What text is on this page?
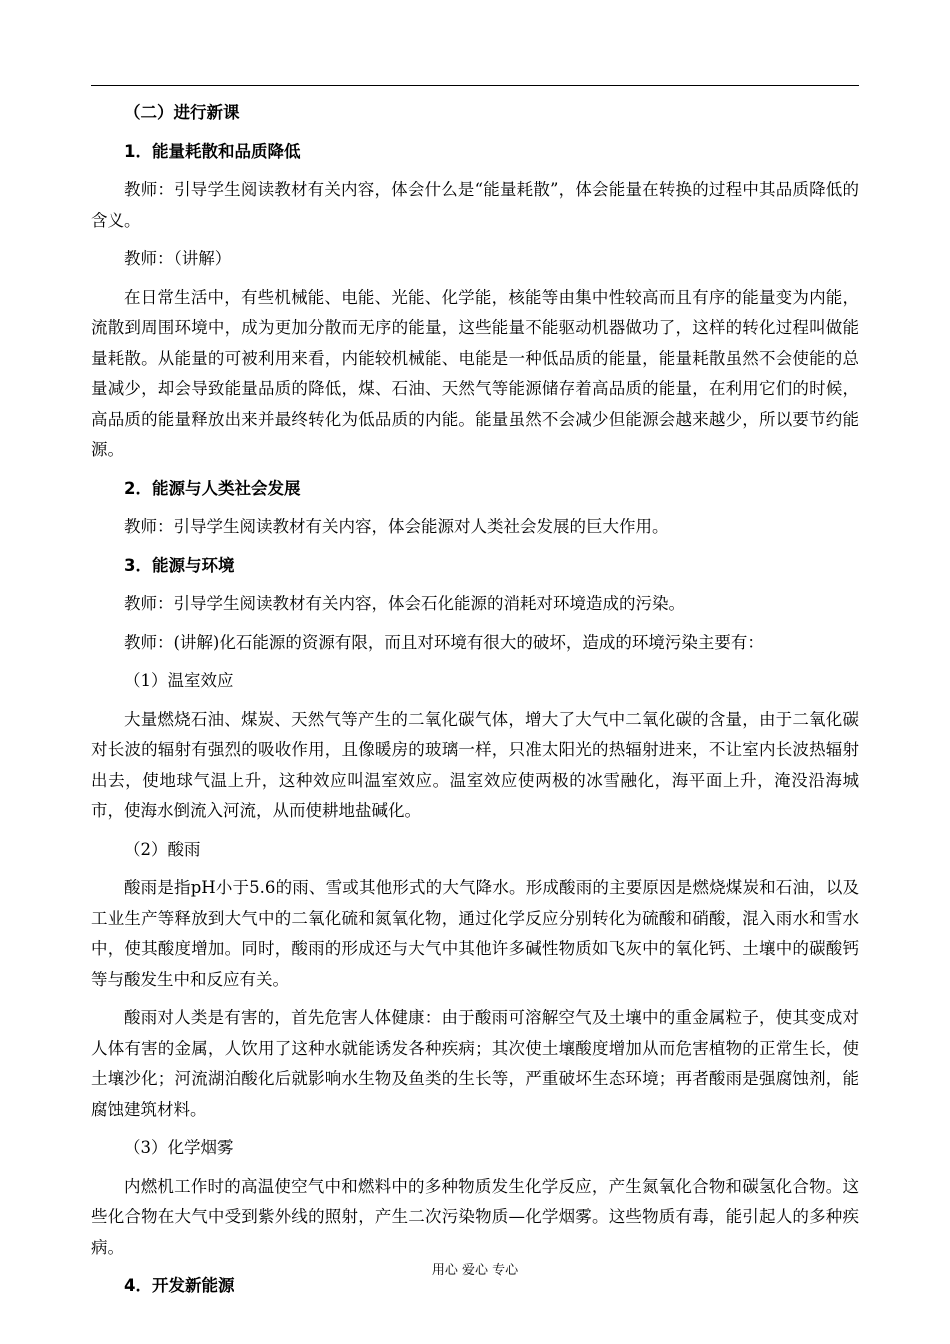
（二）进行新课

1．能量耗散和品质降低

教师：引导学生阅读教材有关内容，体会什么是“能量耗散”，体会能量在转换的过程中其品质降低的含义。

教师：（讲解）

在日常生活中，有些机械能、电能、光能、化学能，核能等由集中性较高而且有序的能量变为内能，流散到周围环境中，成为更加分散而无序的能量，这些能量不能驱动机器做功了，这样的转化过程叫做能量耗散。从能量的可被利用来看，内能较机械能、电能是一种低品质的能量，能量耗散虽然不会使能的总量减少，却会导致能量品质的降低，煤、石油、天然气等能源储存着高品质的能量，在利用它们的时候，高品质的能量释放出来并最终转化为低品质的内能。能量虽然不会减少但能源会越来越少，所以要节约能源。

2．能源与人类社会发展

教师：引导学生阅读教材有关内容，体会能源对人类社会发展的巨大作用。

3．能源与环境

教师：引导学生阅读教材有关内容，体会石化能源的消耗对环境造成的污染。

教师：(讲解)化石能源的资源有限，而且对环境有很大的破坏，造成的环境污染主要有：

（1）温室效应

大量燃烧石油、煤炭、天然气等产生的二氧化碳气体，增大了大气中二氧化碳的含量，由于二氧化碳对长波的辐射有强烈的吸收作用，且像暖房的玻璃一样，只准太阳光的热辐射进来，不让室内长波热辐射出去，使地球气温上升，这种效应叫温室效应。温室效应使两极的冰雪融化，海平面上升，淹没沿海城市，使海水倒流入河流，从而使耕地盐碱化。

（2）酸雨

酸雨是指pH小于5.6的雨、雪或其他形式的大气降水。形成酸雨的主要原因是燃烧煤炭和石油，以及工业生产等释放到大气中的二氧化硫和氮氧化物，通过化学反应分别转化为硫酸和硝酸，混入雨水和雪水中，使其酸度增加。同时，酸雨的形成还与大气中其他许多碱性物质如飞灰中的氧化钙、土壤中的碳酸钙等与酸发生中和反应有关。

酸雨对人类是有害的，首先危害人体健康：由于酸雨可溶解空气及土壤中的重金属粒子，使其变成对人体有害的金属，人饮用了这种水就能诱发各种疾病；其次使土壤酸度增加从而危害植物的正常生长，使土壤沙化；河流湖泊酸化后就影响水生物及鱼类的生长等，严重破坏生态环境；再者酸雨是强腐蚀剂，能腐蚀建筑材料。

（3）化学烟雾

内燃机工作时的高温使空气中和燃料中的多种物质发生化学反应，产生氮氧化合物和碳氢化合物。这些化合物在大气中受到紫外线的照射，产生二次污染物质—化学烟雾。这些物质有毒，能引起人的多种疾病。

4．开发新能源

用心 爱心 专心
